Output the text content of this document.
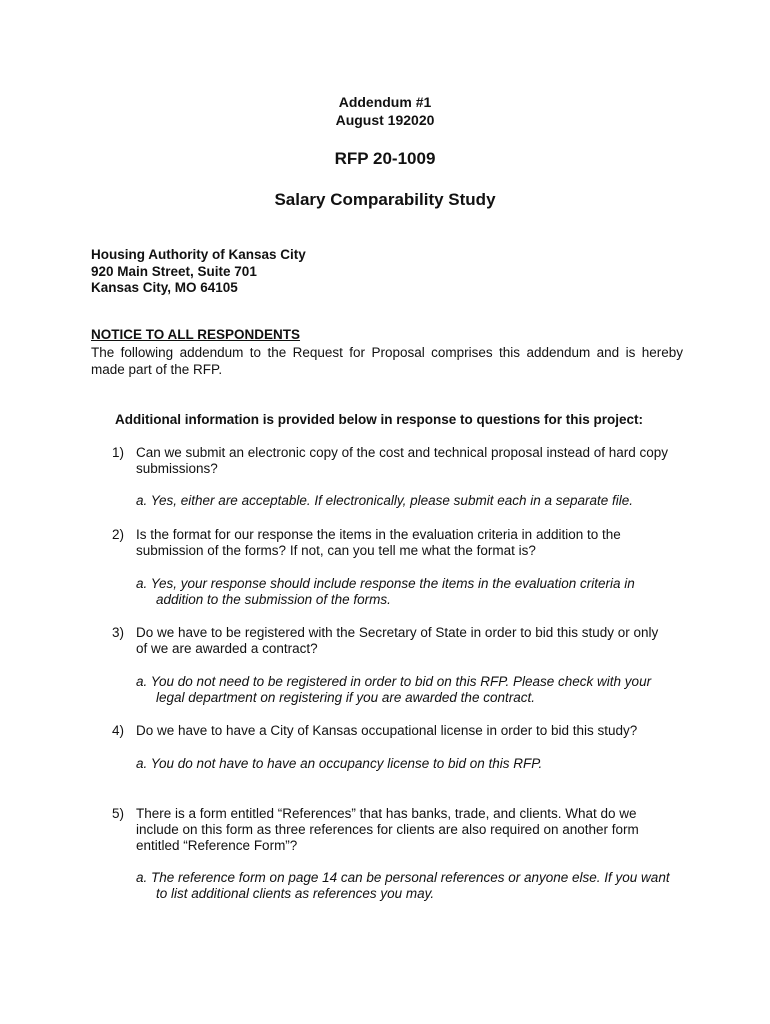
Addendum #1
August 192020
RFP 20-1009
Salary Comparability Study
Housing Authority of Kansas City
920 Main Street, Suite 701
Kansas City, MO 64105
NOTICE TO ALL RESPONDENTS
The following addendum to the Request for Proposal comprises this addendum and is hereby made part of the RFP.
Additional information is provided below in response to questions for this project:
1) Can we submit an electronic copy of the cost and technical proposal instead of hard copy submissions?
a. Yes, either are acceptable. If electronically, please submit each in a separate file.
2) Is the format for our response the items in the evaluation criteria in addition to the submission of the forms? If not, can you tell me what the format is?
a. Yes, your response should include response the items in the evaluation criteria in addition to the submission of the forms.
3) Do we have to be registered with the Secretary of State in order to bid this study or only of we are awarded a contract?
a. You do not need to be registered in order to bid on this RFP. Please check with your legal department on registering if you are awarded the contract.
4) Do we have to have a City of Kansas occupational license in order to bid this study?
a. You do not have to have an occupancy license to bid on this RFP.
5) There is a form entitled “References” that has banks, trade, and clients. What do we include on this form as three references for clients are also required on another form entitled “Reference Form”?
a. The reference form on page 14 can be personal references or anyone else. If you want to list additional clients as references you may.
